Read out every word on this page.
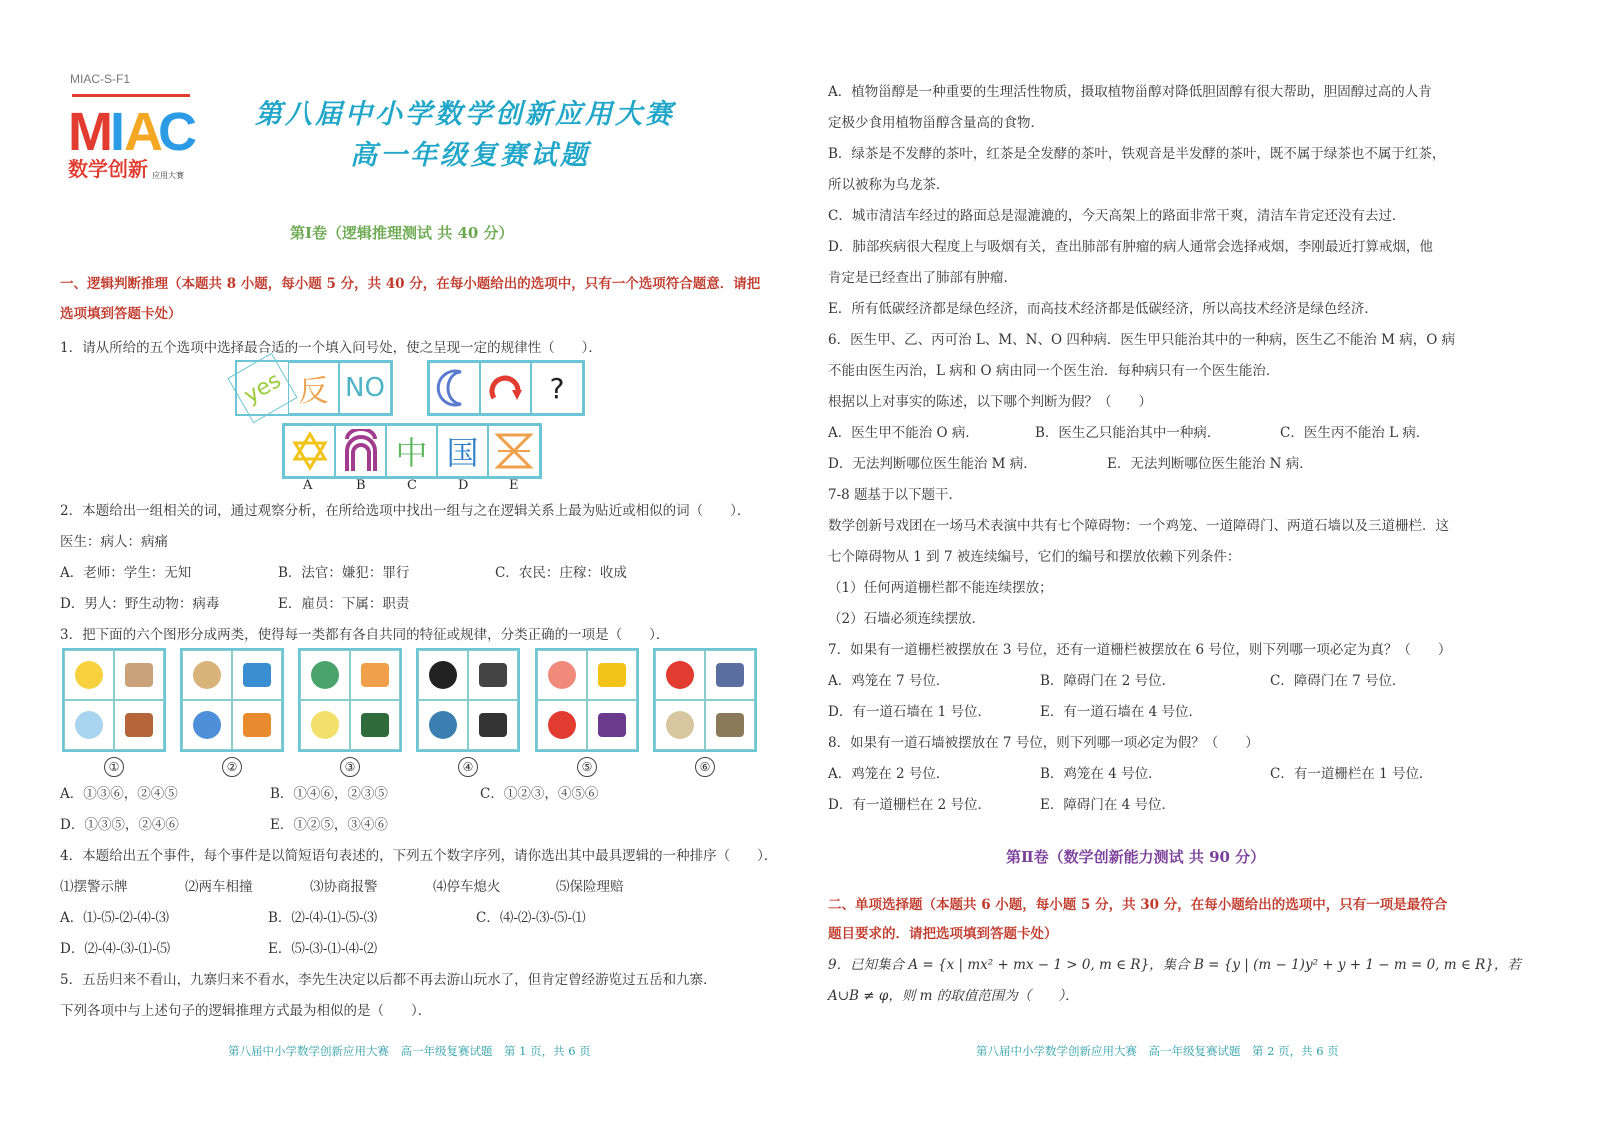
MIAC-S-F1
M
I
A
C
数学创新 应用大赛
第八届中小学数学创新应用大赛
高一年级复赛试题
第Ⅰ卷（逻辑推理测试 共 40 分）
一、逻辑判断推理（本题共 8 小题，每小题 5 分，共 40 分，在每小题给出的选项中，只有一个选项符合题意．请把
选项填到答题卡处）
1．请从所给的五个选项中选择最合适的一个填入问号处，使之呈现一定的规律性（　　）．
yes 反 NO	?
中 国
A	B	C	D	E
2．本题给出一组相关的词，通过观察分析，在所给选项中找出一组与之在逻辑关系上最为贴近或相似的词（　　）．
医生：病人：病痛
A．老师：学生：无知	B．法官：嫌犯：罪行	C．农民：庄稼：收成
D．男人：野生动物：病毒	E．雇员：下属：职责
3．把下面的六个图形分成两类，使得每一类都有各自共同的特征或规律，分类正确的一项是（　　）．
A．①③⑥，②④⑤	B．①④⑥，②③⑤	C．①②③，④⑤⑥
D．①③⑤，②④⑥	E．①②⑤，③④⑥
4．本题给出五个事件，每个事件是以简短语句表述的，下列五个数字序列，请你选出其中最具逻辑的一种排序（　　）．
⑴摆警示牌	⑵两车相撞	⑶协商报警	⑷停车熄火	⑸保险理赔
A．⑴-⑸-⑵-⑷-⑶	B．⑵-⑷-⑴-⑸-⑶	C．⑷-⑵-⑶-⑸-⑴
D．⑵-⑷-⑶-⑴-⑸	E．⑸-⑶-⑴-⑷-⑵
5．五岳归来不看山，九寨归来不看水，李先生决定以后都不再去游山玩水了，但肯定曾经游览过五岳和九寨．
下列各项中与上述句子的逻辑推理方式最为相似的是（　　）．
第八届中小学数学创新应用大赛　高一年级复赛试题　第 1 页，共 6 页
①	②	③	④	⑤	⑥
A．植物甾醇是一种重要的生理活性物质，摄取植物甾醇对降低胆固醇有很大帮助，胆固醇过高的人肯
定极少食用植物甾醇含量高的食物．
B．绿茶是不发酵的茶叶，红茶是全发酵的茶叶，铁观音是半发酵的茶叶，既不属于绿茶也不属于红茶，
所以被称为乌龙茶．
C．城市清洁车经过的路面总是湿漉漉的，今天高架上的路面非常干爽，清洁车肯定还没有去过．
D．肺部疾病很大程度上与吸烟有关，查出肺部有肿瘤的病人通常会选择戒烟，李刚最近打算戒烟，他
肯定是已经查出了肺部有肿瘤．
E．所有低碳经济都是绿色经济，而高技术经济都是低碳经济，所以高技术经济是绿色经济．
6．医生甲、乙、丙可治 L、M、N、O 四种病．医生甲只能治其中的一种病，医生乙不能治 M 病，O 病
不能由医生丙治，L 病和 O 病由同一个医生治．每种病只有一个医生能治．
根据以上对事实的陈述，以下哪个判断为假？（　　）
A．医生甲不能治 O 病．	B．医生乙只能治其中一种病．	C．医生丙不能治 L 病．
D．无法判断哪位医生能治 M 病．	E．无法判断哪位医生能治 N 病．
7-8 题基于以下题干．
数学创新号戏团在一场马术表演中共有七个障碍物：一个鸡笼、一道障碍门、两道石墙以及三道栅栏．这
七个障碍物从 1 到 7 被连续编号，它们的编号和摆放依赖下列条件：
（1）任何两道栅栏都不能连续摆放；
（2）石墙必须连续摆放．
7．如果有一道栅栏被摆放在 3 号位，还有一道栅栏被摆放在 6 号位，则下列哪一项必定为真？（　　）
A．鸡笼在 7 号位．	B．障碍门在 2 号位．	C．障碍门在 7 号位．
D．有一道石墙在 1 号位．	E．有一道石墙在 4 号位．
8．如果有一道石墙被摆放在 7 号位，则下列哪一项必定为假？（　　）
A．鸡笼在 2 号位．	B．鸡笼在 4 号位．	C．有一道栅栏在 1 号位．
D．有一道栅栏在 2 号位．	E．障碍门在 4 号位．
第Ⅱ卷（数学创新能力测试 共 90 分）
二、单项选择题（本题共 6 小题，每小题 5 分，共 30 分，在每小题给出的选项中，只有一项是最符合
题目要求的．请把选项填到答题卡处）
9．已知集合 A = {x | mx² + mx − 1 > 0, m ∈ R}，集合 B = {y | (m − 1)y² + y + 1 − m = 0, m ∈ R}，若
A∪B ≠ φ，则 m 的取值范围为（　　）．
第八届中小学数学创新应用大赛　高一年级复赛试题　第 2 页，共 6 页
